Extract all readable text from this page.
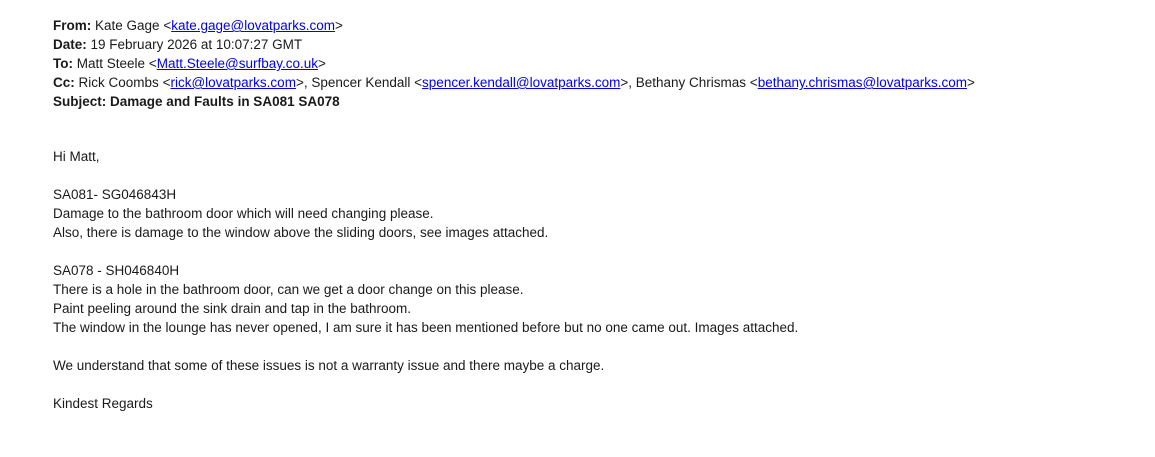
From: Kate Gage <kate.gage@lovatparks.com>
Date: 19 February 2026 at 10:07:27 GMT
To: Matt Steele <Matt.Steele@surfbay.co.uk>
Cc: Rick Coombs <rick@lovatparks.com>, Spencer Kendall <spencer.kendall@lovatparks.com>, Bethany Chrismas <bethany.chrismas@lovatparks.com>
Subject: Damage and Faults in SA081 SA078
Hi Matt,
SA081- SG046843H
Damage to the bathroom door which will need changing please.
Also, there is damage to the window above the sliding doors, see images attached.
SA078 - SH046840H
There is a hole in the bathroom door, can we get a door change on this please.
Paint peeling around the sink drain and tap in the bathroom.
The window in the lounge has never opened, I am sure it has been mentioned before but no one came out. Images attached.
We understand that some of these issues is not a warranty issue and there maybe a charge.
Kindest Regards
